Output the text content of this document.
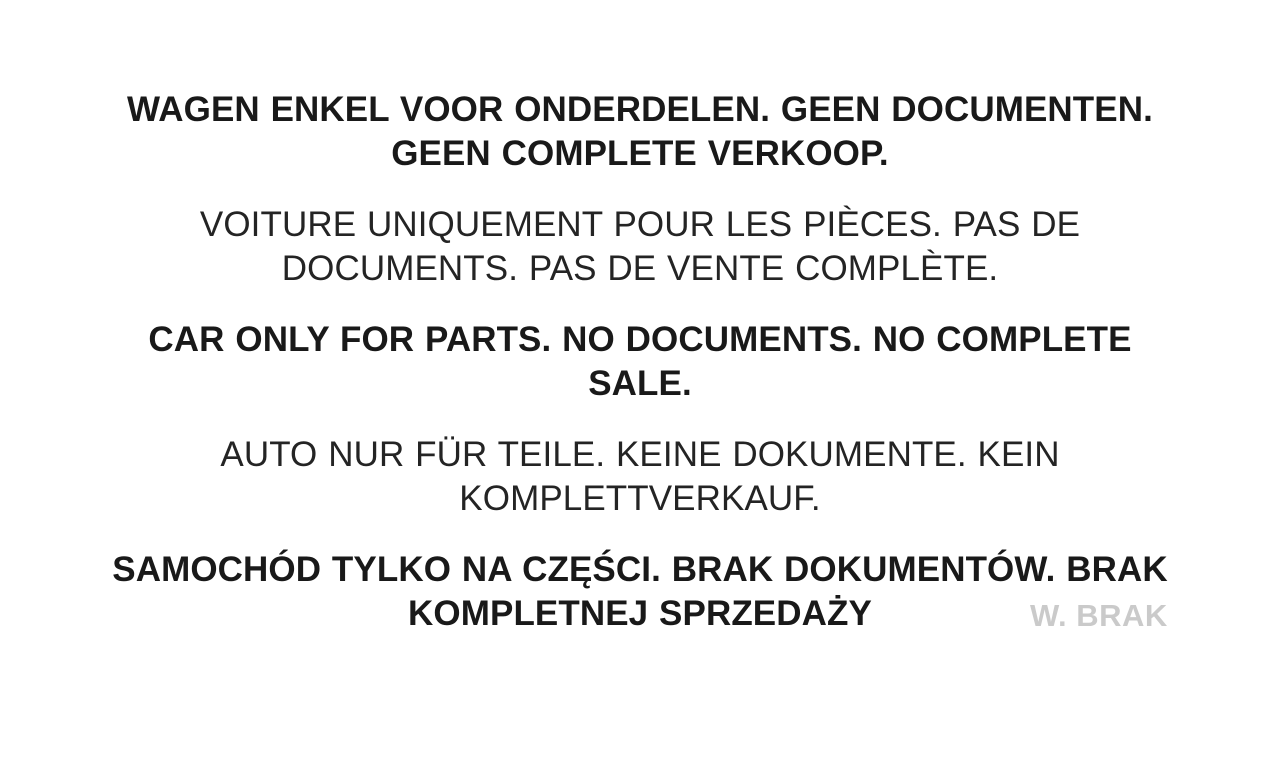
WAGEN ENKEL VOOR ONDERDELEN. GEEN DOCUMENTEN.
GEEN COMPLETE VERKOOP.
VOITURE UNIQUEMENT POUR LES PIÈCES. PAS DE
DOCUMENTS. PAS DE VENTE COMPLÈTE.
CAR ONLY FOR PARTS. NO DOCUMENTS. NO COMPLETE
SALE.
AUTO NUR FÜR TEILE. KEINE DOKUMENTE. KEIN
KOMPLETTVERKAUF.
SAMOCHÓD TYLKO NA CZĘŚCI. BRAK DOKUMENTÓW. BRAK
KOMPLETNEJ SPRZEDAŻY	W. BRAK
